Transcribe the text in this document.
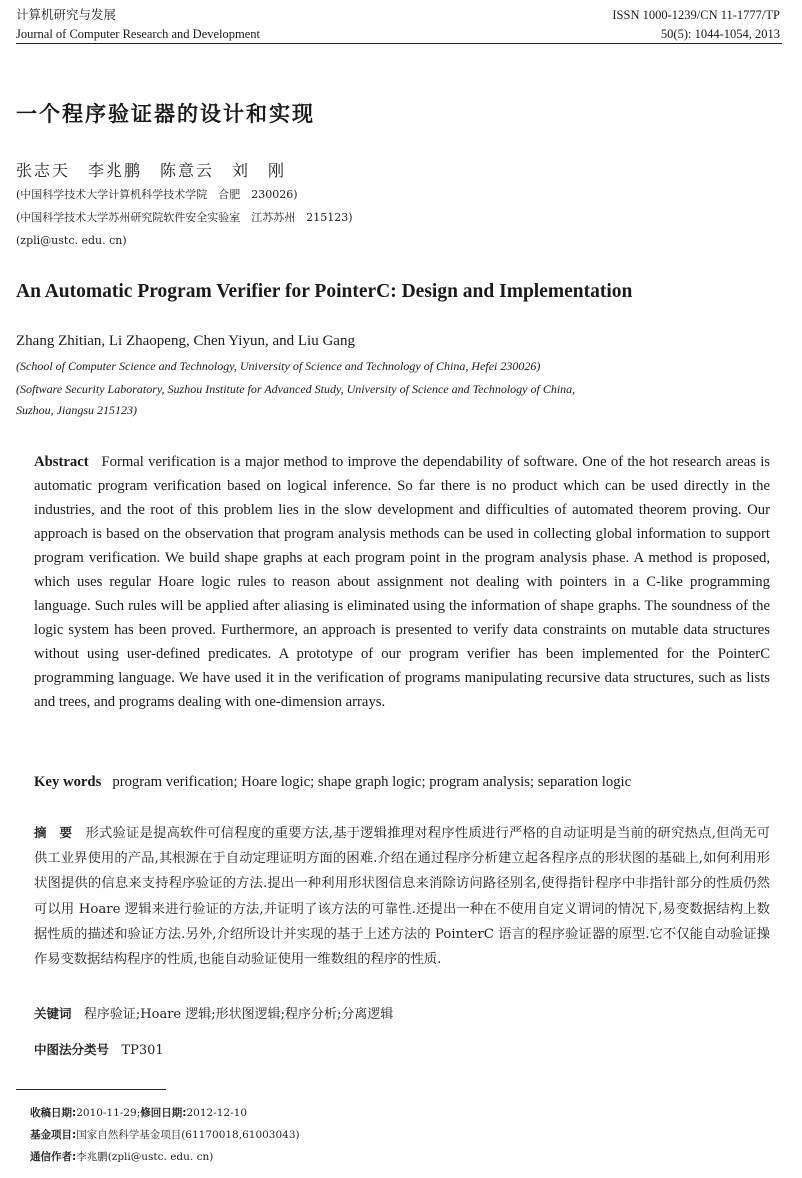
计算机研究与发展
Journal of Computer Research and Development
ISSN 1000-1239/CN 11-1777/TP
50(5): 1044-1054, 2013
一个程序验证器的设计和实现
张志天　李兆鹏　陈意云　刘　刚
(中国科学技术大学计算机科学技术学院　合肥　230026)
(中国科学技术大学苏州研究院软件安全实验室　江苏苏州　215123)
(zpli@ustc. edu. cn)
An Automatic Program Verifier for PointerC: Design and Implementation
Zhang Zhitian, Li Zhaopeng, Chen Yiyun, and Liu Gang
(School of Computer Science and Technology, University of Science and Technology of China, Hefei 230026)
(Software Security Laboratory, Suzhou Institute for Advanced Study, University of Science and Technology of China,
Suzhou, Jiangsu 215123)
Abstract Formal verification is a major method to improve the dependability of software. One of the hot research areas is automatic program verification based on logical inference. So far there is no product which can be used directly in the industries, and the root of this problem lies in the slow development and difficulties of automated theorem proving. Our approach is based on the observation that program analysis methods can be used in collecting global information to support program verification. We build shape graphs at each program point in the program analysis phase. A method is proposed, which uses regular Hoare logic rules to reason about assignment not dealing with pointers in a C-like programming language. Such rules will be applied after aliasing is eliminated using the information of shape graphs. The soundness of the logic system has been proved. Furthermore, an approach is presented to verify data constraints on mutable data structures without using user-defined predicates. A prototype of our program verifier has been implemented for the PointerC programming language. We have used it in the verification of programs manipulating recursive data structures, such as lists and trees, and programs dealing with one-dimension arrays.
Key words program verification; Hoare logic; shape graph logic; program analysis; separation logic
摘　要 形式验证是提高软件可信程度的重要方法,基于逻辑推理对程序性质进行严格的自动证明是当前的研究热点,但尚无可供工业界使用的产品,其根源在于自动定理证明方面的困难.介绍在通过程序分析建立起各程序点的形状图的基础上,如何利用形状图提供的信息来支持程序验证的方法.提出一种利用形状图信息来消除访问路径别名,使得指针程序中非指针部分的性质仍然可以用 Hoare 逻辑来进行验证的方法,并证明了该方法的可靠性.还提出一种在不使用自定义谓词的情况下,易变数据结构上数据性质的描述和验证方法.另外,介绍所设计并实现的基于上述方法的 PointerC 语言的程序验证器的原型.它不仅能自动验证操作易变数据结构程序的性质,也能自动验证使用一维数组的程序的性质.
关键词 程序验证;Hoare 逻辑;形状图逻辑;程序分析;分离逻辑
中图法分类号 TP301
收稿日期:2010-11-29;修回日期:2012-12-10
基金项目:国家自然科学基金项目(61170018,61003043)
通信作者:李兆鹏(zpli@ustc. edu. cn)
